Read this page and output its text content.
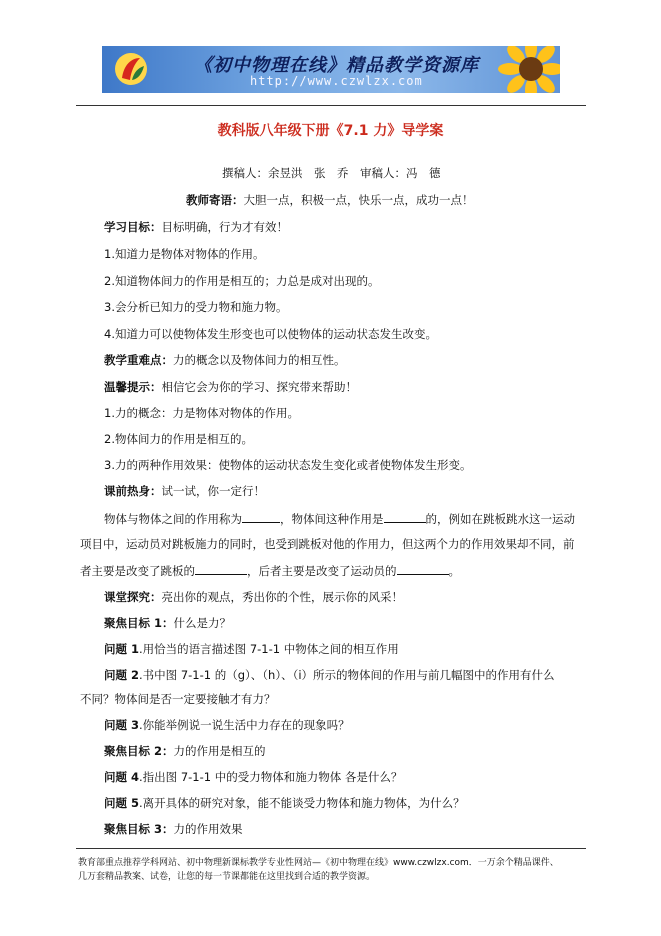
《初中物理在线》精品教学资源库
http://www.czwlzx.com
教科版八年级下册《7.1 力》导学案
撰稿人：余昱洪　张　乔　审稿人：冯　德
教师寄语：大胆一点，积极一点，快乐一点，成功一点！
学习目标：目标明确，行为才有效！
1.知道力是物体对物体的作用。
2.知道物体间力的作用是相互的；力总是成对出现的。
3.会分析已知力的受力物和施力物。
4.知道力可以使物体发生形变也可以使物体的运动状态发生改变。
教学重难点：力的概念以及物体间力的相互性。
温馨提示：相信它会为你的学习、探究带来帮助！
1.力的概念：力是物体对物体的作用。
2.物体间力的作用是相互的。
3.力的两种作用效果：使物体的运动状态发生变化或者使物体发生形变。
课前热身：试一试，你一定行！
物体与物体之间的作用称为	，物体间这种作用是	的，例如在跳板跳水这一运动
项目中，运动员对跳板施力的同时，也受到跳板对他的作用力，但这两个力的作用效果却不同，前
者主要是改变了跳板的	，后者主要是改变了运动员的	。
课堂探究：亮出你的观点，秀出你的个性，展示你的风采！
聚焦目标 1：什么是力？
问题 1.用恰当的语言描述图 7-1-1 中物体之间的相互作用
问题 2.书中图 7-1-1 的（g）、（h）、（i）所示的物体间的作用与前几幅图中的作用有什么
不同？物体间是否一定要接触才有力？
问题 3.你能举例说一说生活中力存在的现象吗？
聚焦目标 2：力的作用是相互的
问题 4.指出图 7-1-1 中的受力物体和施力物体 各是什么？
问题 5.离开具体的研究对象，能不能谈受力物体和施力物体，为什么？
聚焦目标 3：力的作用效果
教育部重点推荐学科网站、初中物理新课标教学专业性网站—《初中物理在线》www.czwlzx.com．一万余个精品课件、
几万套精品教案、试卷，让您的每一节课都能在这里找到合适的教学资源。
